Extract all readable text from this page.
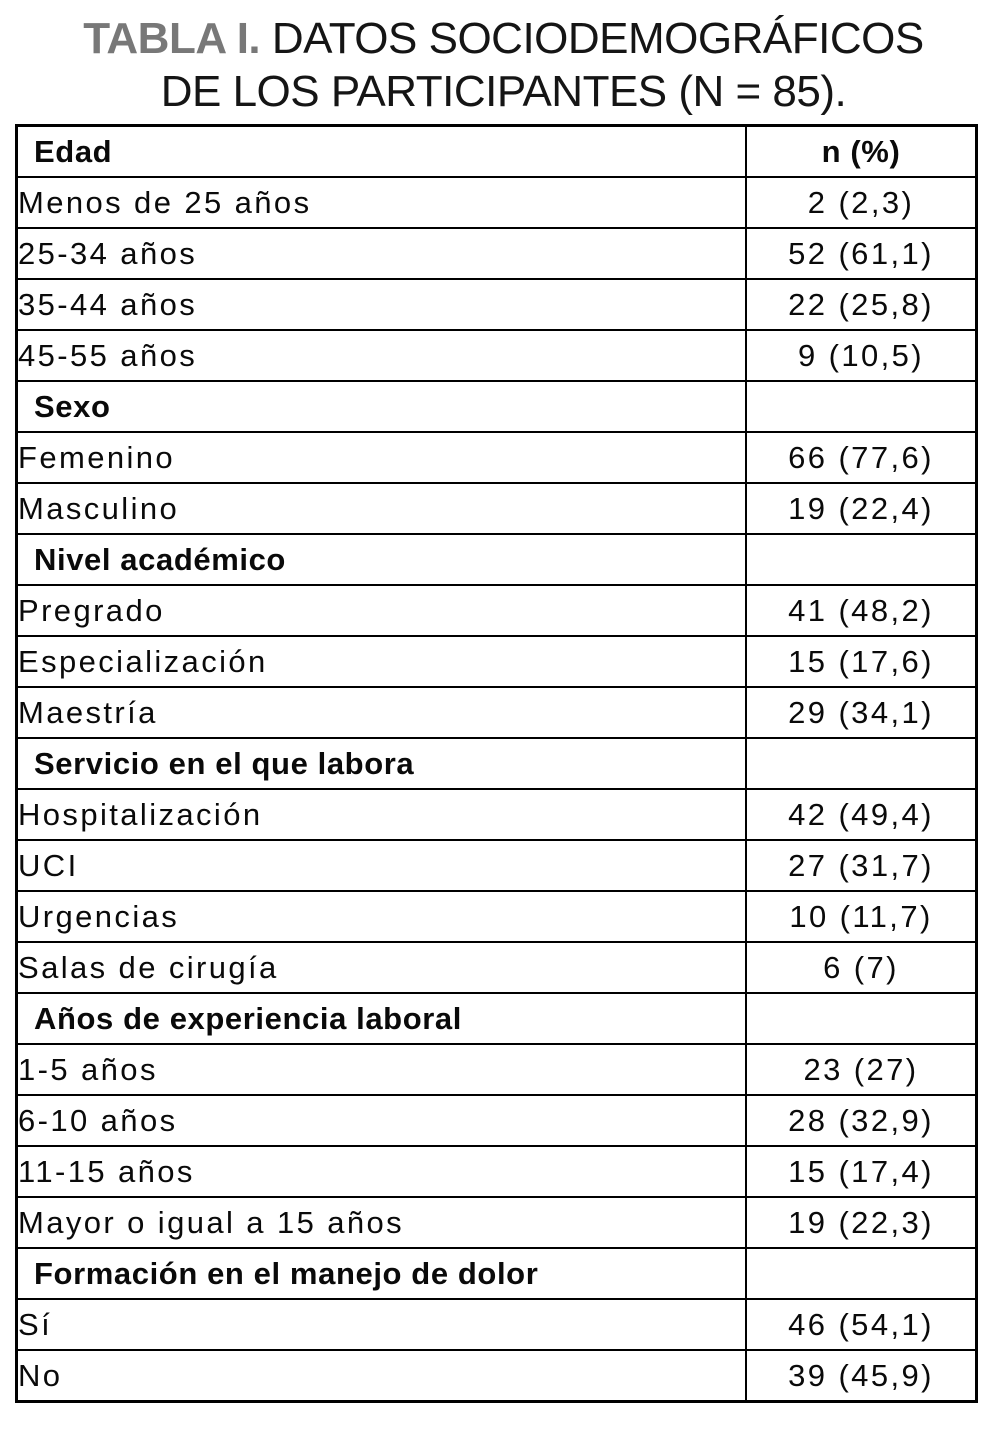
TABLA I. DATOS SOCIODEMOGRÁFICOS
DE LOS PARTICIPANTES (N = 85).
Edad	n (%)
Menos de 25 años	2 (2,3)
25-34 años	52 (61,1)
35-44 años	22 (25,8)
45-55 años	9 (10,5)
Sexo	
Femenino	66 (77,6)
Masculino	19 (22,4)
Nivel académico	
Pregrado	41 (48,2)
Especialización	15 (17,6)
Maestría	29 (34,1)
Servicio en el que labora	
Hospitalización	42 (49,4)
UCI	27 (31,7)
Urgencias	10 (11,7)
Salas de cirugía	6 (7)
Años de experiencia laboral	
1-5 años	23 (27)
6-10 años	28 (32,9)
11-15 años	15 (17,4)
Mayor o igual a 15 años	19 (22,3)
Formación en el manejo de dolor	
Sí	46 (54,1)
No	39 (45,9)
